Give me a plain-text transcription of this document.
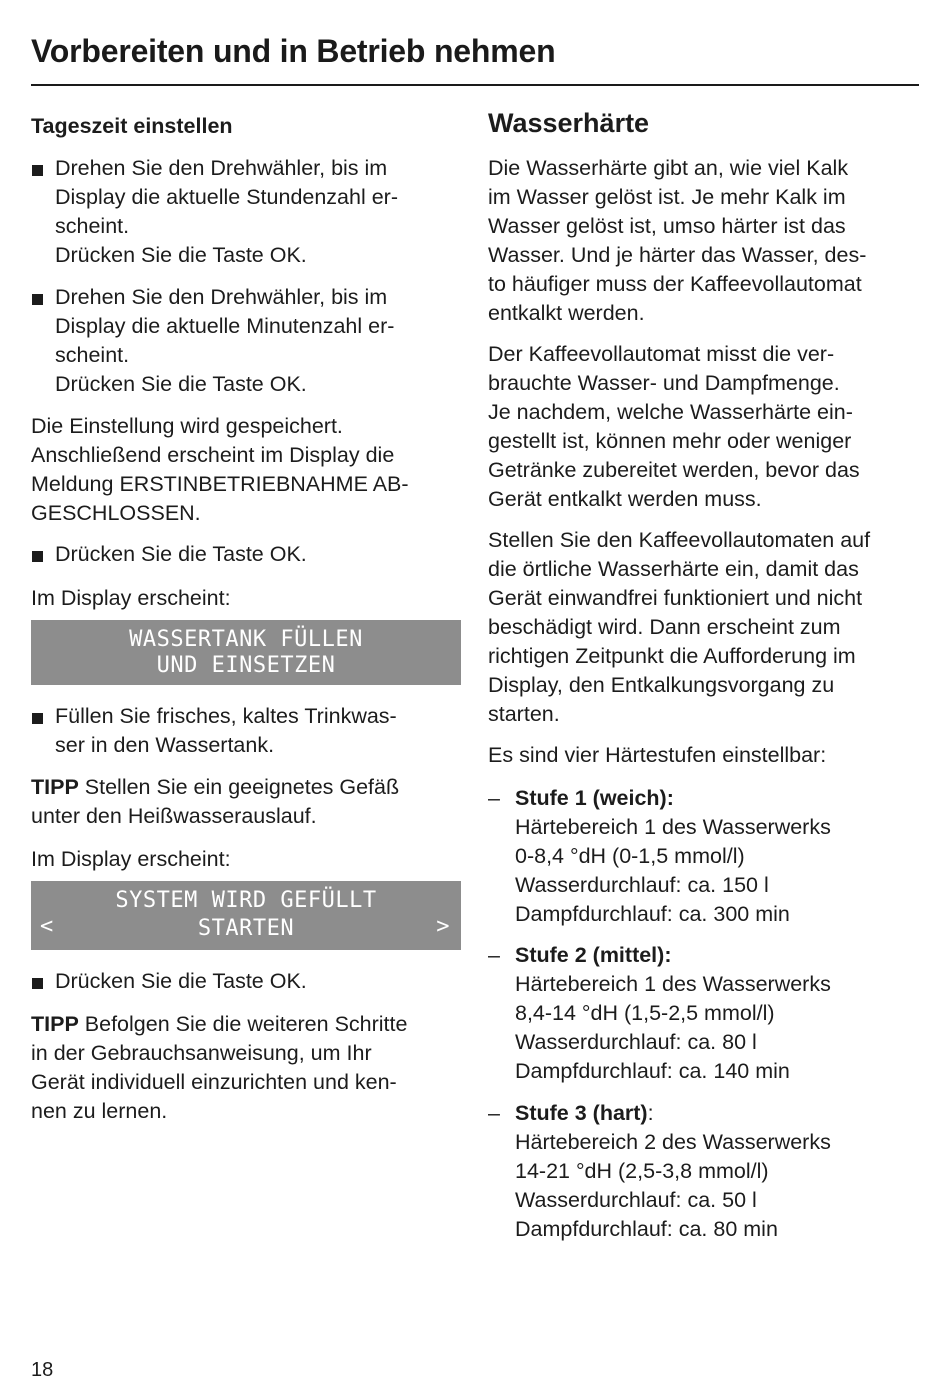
Vorbereiten und in Betrieb nehmen
Tageszeit einstellen
Drehen Sie den Drehwähler, bis im
Display die aktuelle Stundenzahl er-
scheint.
Drücken Sie die Taste OK.
Drehen Sie den Drehwähler, bis im
Display die aktuelle Minutenzahl er-
scheint.
Drücken Sie die Taste OK.
Die Einstellung wird gespeichert.
Anschließend erscheint im Display die
Meldung ERSTINBETRIEBNAHME AB-
GESCHLOSSEN.
Drücken Sie die Taste OK.
Im Display erscheint:
WASSERTANK FÜLLEN
UND EINSETZEN
Füllen Sie frisches, kaltes Trinkwas-
ser in den Wassertank.
TIPP Stellen Sie ein geeignetes Gefäß
unter den Heißwasserauslauf.
Im Display erscheint:
SYSTEM WIRD GEFÜLLT
STARTEN
<	>
Drücken Sie die Taste OK.
TIPP Befolgen Sie die weiteren Schritte
in der Gebrauchsanweisung, um Ihr
Gerät individuell einzurichten und ken-
nen zu lernen.
Wasserhärte
Die Wasserhärte gibt an, wie viel Kalk
im Wasser gelöst ist. Je mehr Kalk im
Wasser gelöst ist, umso härter ist das
Wasser. Und je härter das Wasser, des-
to häufiger muss der Kaffeevollautomat
entkalkt werden.
Der Kaffeevollautomat misst die ver-
brauchte Wasser- und Dampfmenge.
Je nachdem, welche Wasserhärte ein-
gestellt ist, können mehr oder weniger
Getränke zubereitet werden, bevor das
Gerät entkalkt werden muss.
Stellen Sie den Kaffeevollautomaten auf
die örtliche Wasserhärte ein, damit das
Gerät einwandfrei funktioniert und nicht
beschädigt wird. Dann erscheint zum
richtigen Zeitpunkt die Aufforderung im
Display, den Entkalkungsvorgang zu
starten.
Es sind vier Härtestufen einstellbar:
– Stufe 1 (weich):
Härtebereich 1 des Wasserwerks
0-8,4 °dH (0-1,5 mmol/l)
Wasserdurchlauf: ca. 150 l
Dampfdurchlauf: ca. 300 min
– Stufe 2 (mittel):
Härtebereich 1 des Wasserwerks
8,4-14 °dH (1,5-2,5 mmol/l)
Wasserdurchlauf: ca. 80 l
Dampfdurchlauf: ca. 140 min
– Stufe 3 (hart):
Härtebereich 2 des Wasserwerks
14-21 °dH (2,5-3,8 mmol/l)
Wasserdurchlauf: ca. 50 l
Dampfdurchlauf: ca. 80 min
18
